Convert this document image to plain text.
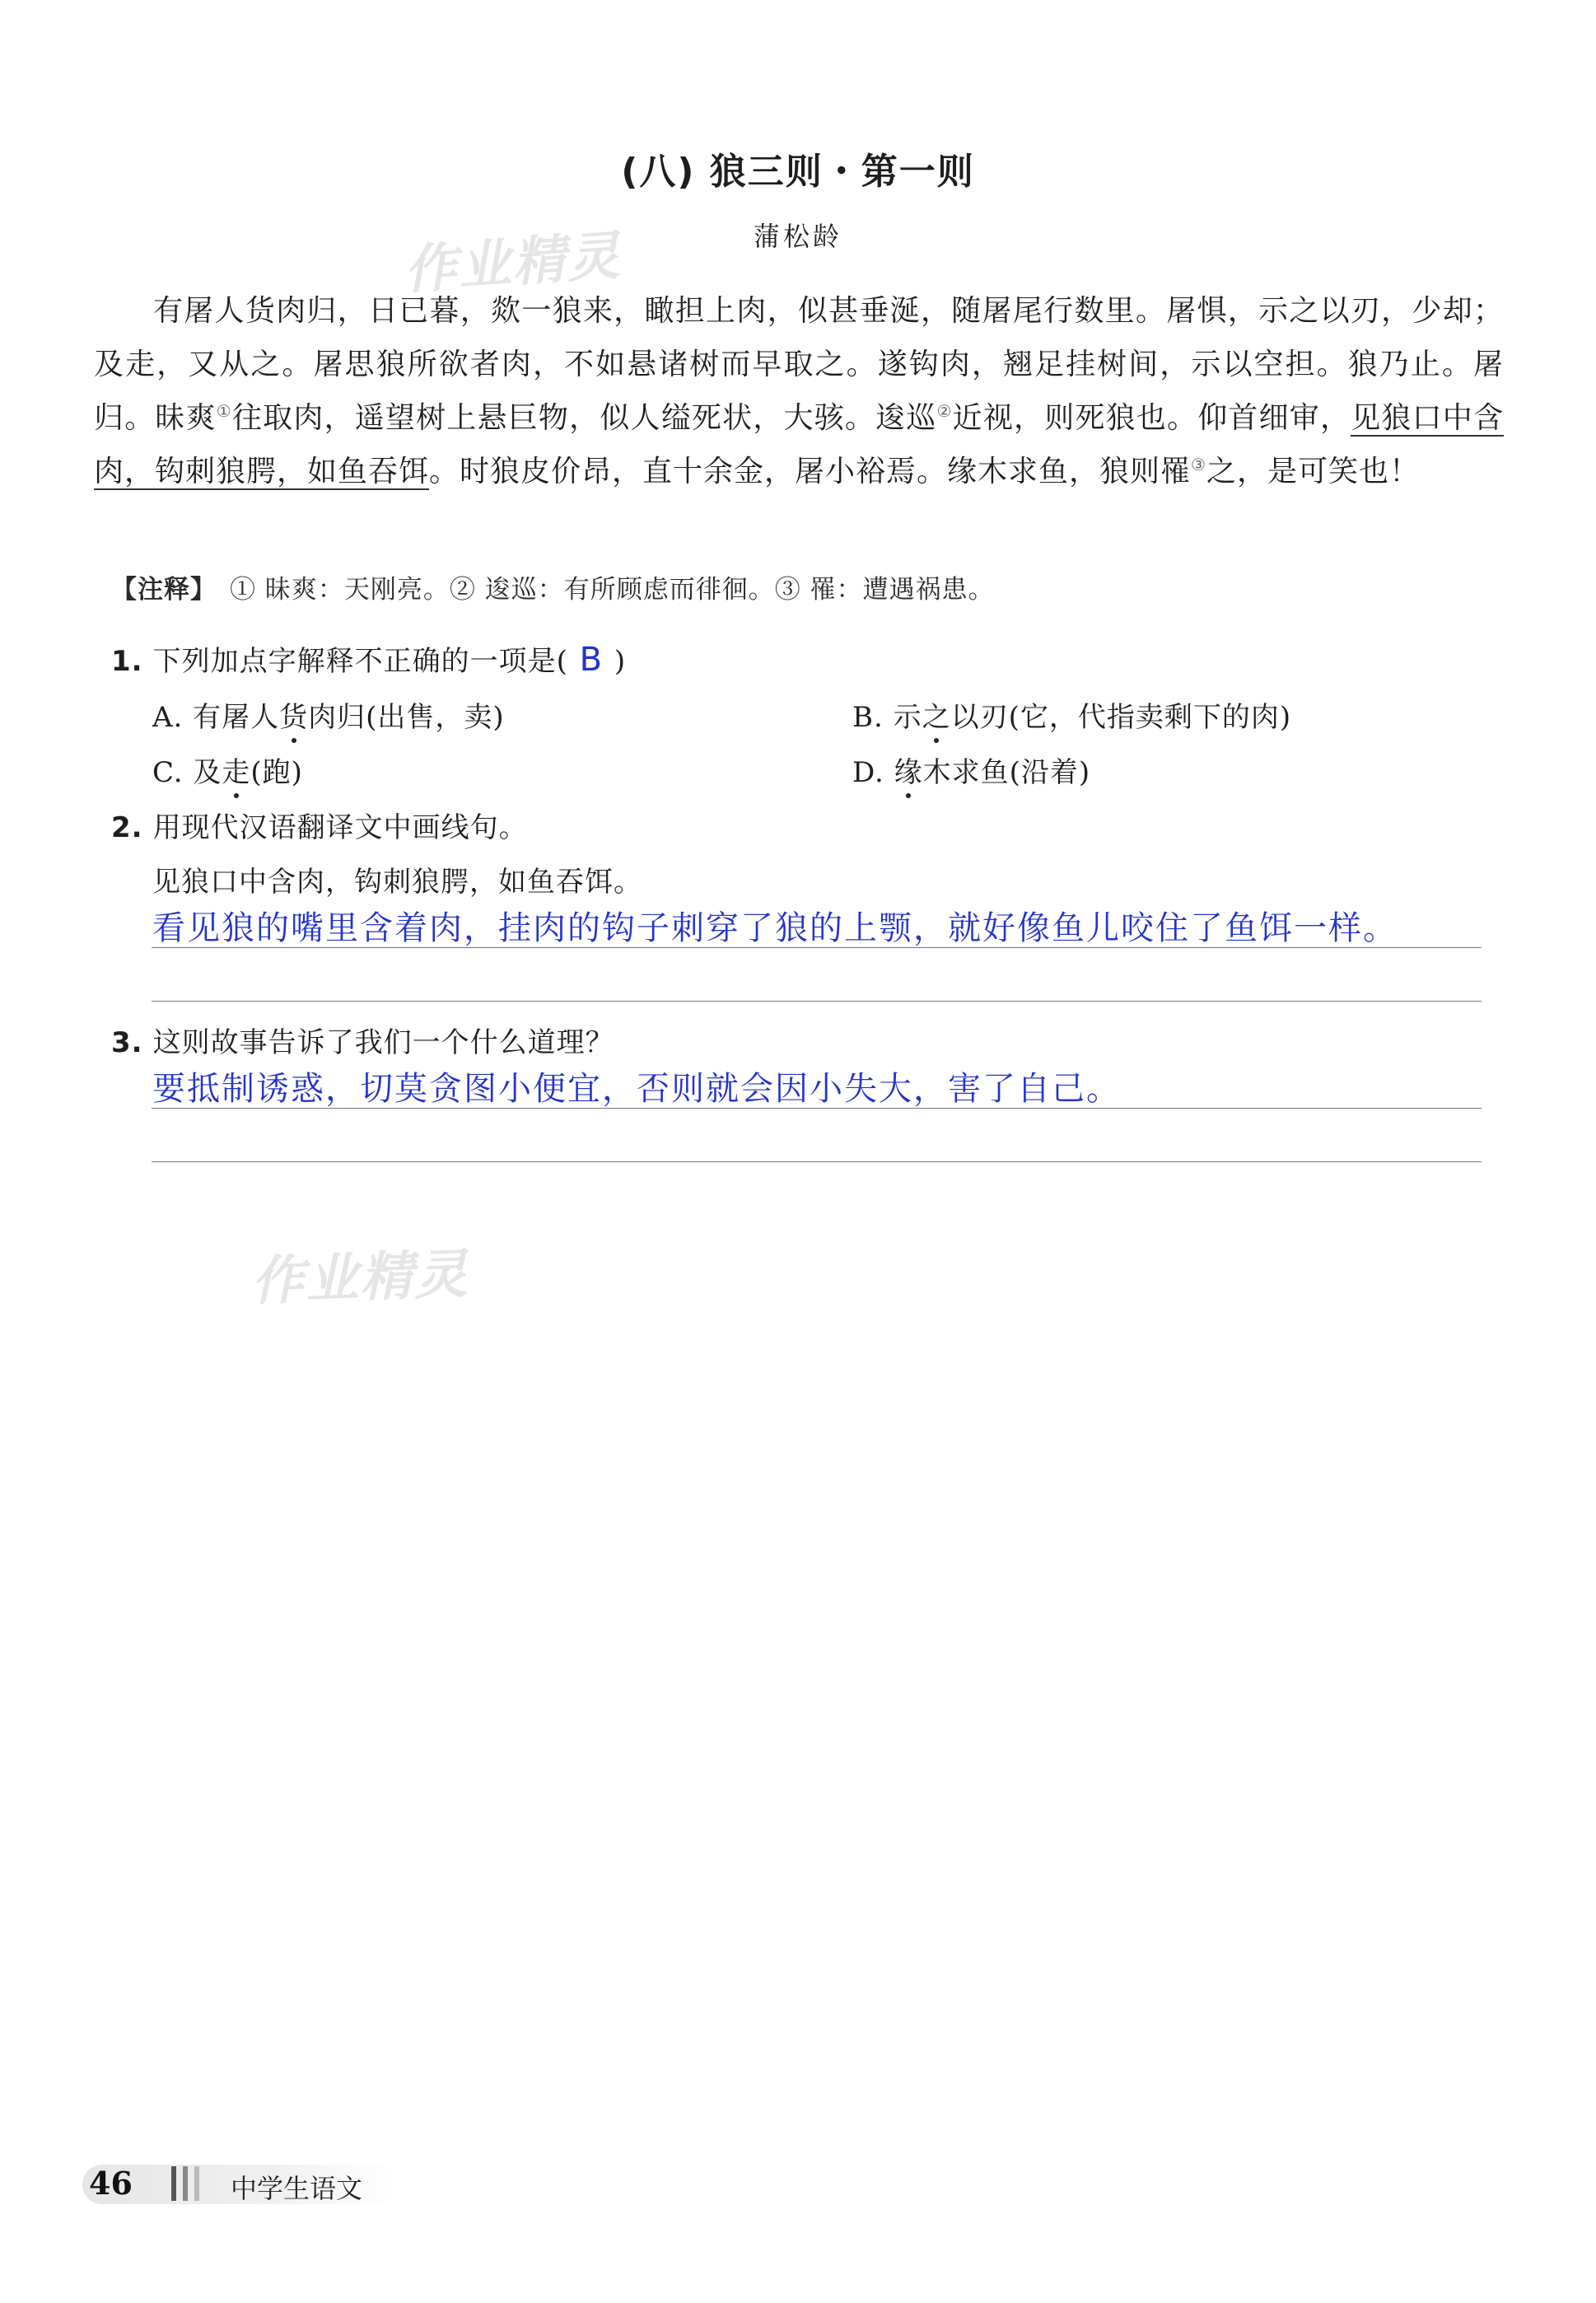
(八) 狼三则・第一则
蒲松龄
作业精灵
作业精灵

有屠人货肉归，日已暮，欻一狼来，瞰担上肉，似甚垂涎，随屠尾行数里。屠惧，示之以刃，少却；及走，又从之。屠思狼所欲者肉，不如悬诸树而早取之。遂钩肉，翘足挂树间，示以空担。狼乃止。屠归。昧爽①往取肉，遥望树上悬巨物，似人缢死状，大骇。逡巡②近视，则死狼也。仰首细审，见狼口中含肉，钩刺狼腭，如鱼吞饵。时狼皮价昂，直十余金，屠小裕焉。缘木求鱼，狼则罹③之，是可笑也！

【注释】 ① 昧爽：天刚亮。② 逡巡：有所顾虑而徘徊。③ 罹：遭遇祸患。
1. 下列加点字解释不正确的一项是( B )
A. 有屠人货肉归(出售，卖)	B. 示之以刃(它，代指卖剩下的肉)
C. 及走(跑)	D. 缘木求鱼(沿着)
2. 用现代汉语翻译文中画线句。
见狼口中含肉，钩刺狼腭，如鱼吞饵。
看见狼的嘴里含着肉，挂肉的钩子刺穿了狼的上颚，就好像鱼儿咬住了鱼饵一样。
3. 这则故事告诉了我们一个什么道理？
要抵制诱惑，切莫贪图小便宜，否则就会因小失大，害了自己。
46	中学生语文
